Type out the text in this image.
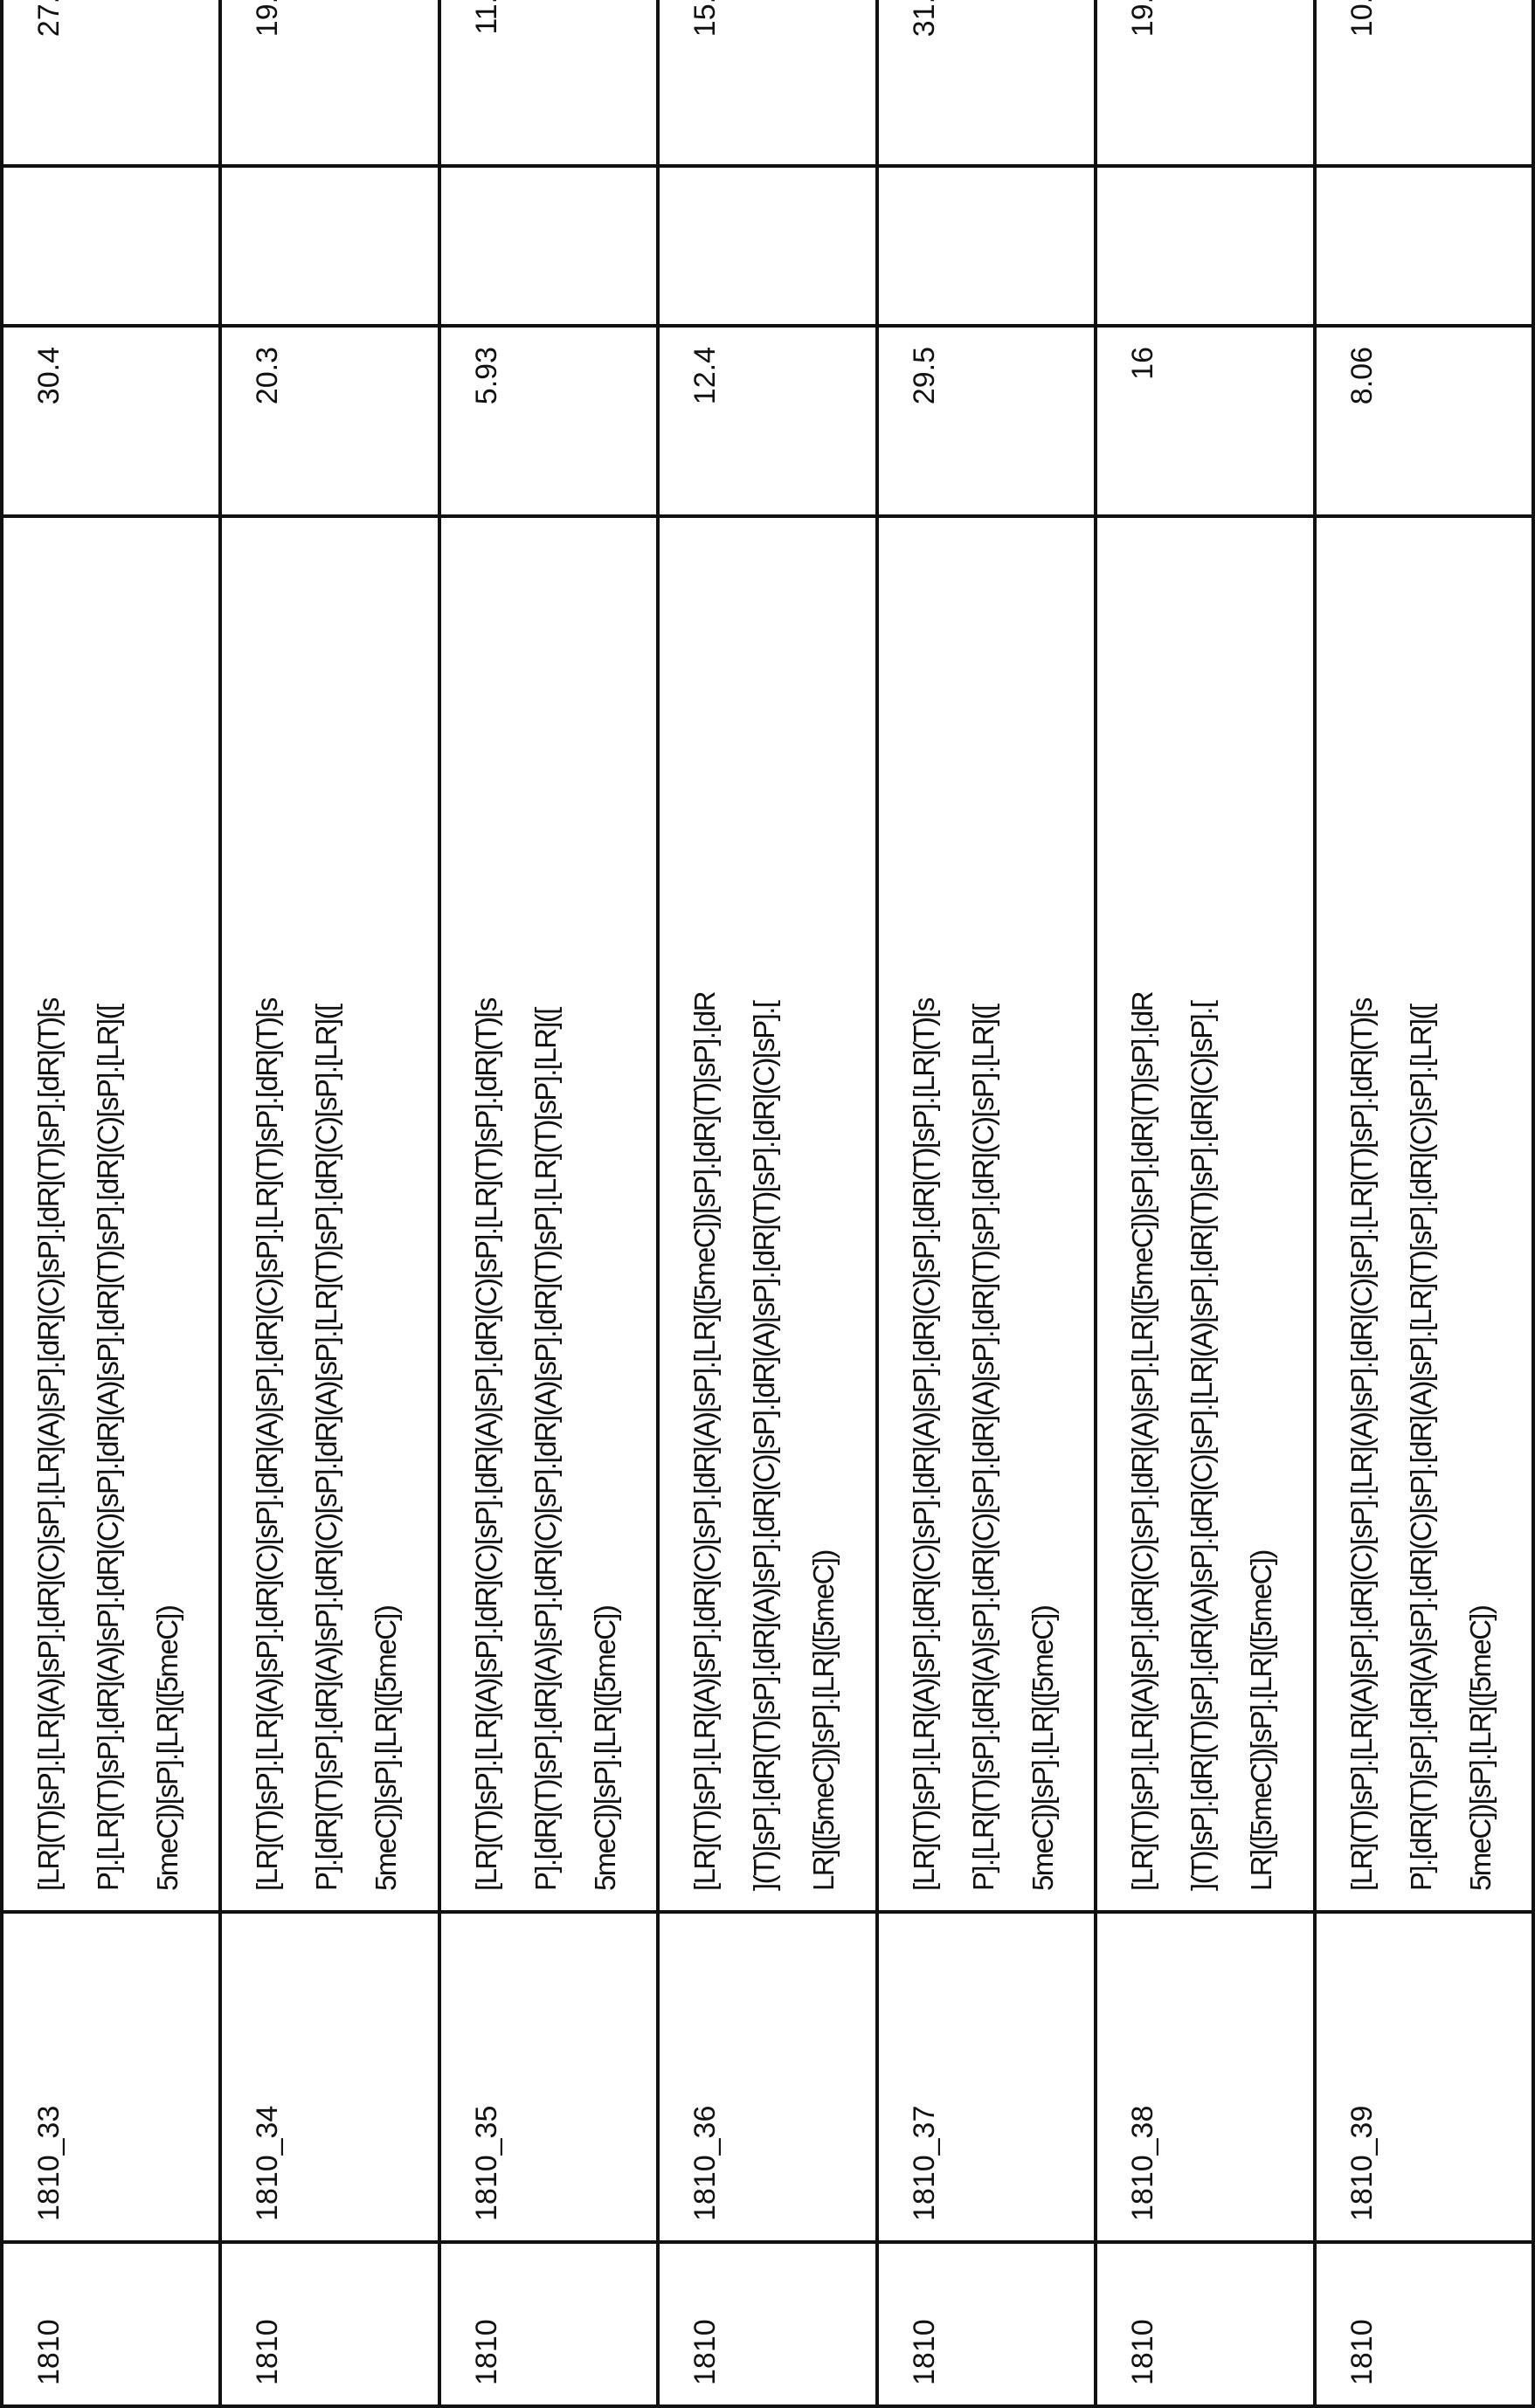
1810	1810_33	
[LR](T)[sP].[LR](A)[sP].[dR](C)[sP].[LR](A)[sP].[dR](C)[sP].[dR](T)[sP].[dR](T)[s P].[LR](T)[sP].[dR](A)[sP].[dR](C)[sP].[dR](A)[sP].[dR](T)[sP].[dR](C)[sP].[LR]([ 5meC])[sP].[LR]([5meC])
	30.4		27.8
1810	1810_34	
[LR](T)[sP].[LR](A)[sP].[dR](C)[sP].[dR](A)[sP].[dR](C)[sP].[LR](T)[sP].[dR](T)[s P].[dR](T)[sP].[dR](A)[sP].[dR](C)[sP].[dR](A)[sP].[LR](T)[sP].[dR](C)[sP].[LR]([ 5meC])[sP].[LR]([5meC])
	20.3		19.9
1810	1810_35	
[LR](T)[sP].[LR](A)[sP].[dR](C)[sP].[dR](A)[sP].[dR](C)[sP].[LR](T)[sP].[dR](T)[s P].[dR](T)[sP].[dR](A)[sP].[dR](C)[sP].[dR](A)[sP].[dR](T)[sP].[LR](T)[sP].[LR]([ 5meC])[sP].[LR]([5meC])
	5.93		11.1
1810	1810_36	
[LR](T)[sP].[LR](A)[sP].[dR](C)[sP].[dR](A)[sP].[LR]([5meC])[sP].[dR](T)[sP].[dR ](T)[sP].[dR](T)[sP].[dR](A)[sP].[dR](C)[sP].[dR](A)[sP].[dR](T)[sP].[dR](C)[sP].[ LR]([5meC])[sP].[LR]([5meC])
	12.4		15.1
1810	1810_37	
[LR](T)[sP].[LR](A)[sP].[dR](C)[sP].[dR](A)[sP].[dR](C)[sP].[dR](T)[sP].[LR](T)[s P].[LR](T)[sP].[dR](A)[sP].[dR](C)[sP].[dR](A)[sP].[dR](T)[sP].[dR](C)[sP].[LR]([ 5meC])[sP].[LR]([5meC])
	29.5		31.7
1810	1810_38	
[LR](T)[sP].[LR](A)[sP].[dR](C)[sP].[dR](A)[sP].[LR]([5meC])[sP].[dR](T)[sP].[dR ](T)[sP].[dR](T)[sP].[dR](A)[sP].[dR](C)[sP].[LR](A)[sP].[dR](T)[sP].[dR](C)[sP].[ LR]([5meC])[sP].[LR]([5meC])
	16		19.3
1810	1810_39	
[LR](T)[sP].[LR](A)[sP].[dR](C)[sP].[LR](A)[sP].[dR](C)[sP].[LR](T)[sP].[dR](T)[s P].[dR](T)[sP].[dR](A)[sP].[dR](C)[sP].[dR](A)[sP].[LR](T)[sP].[dR](C)[sP].[LR]([ 5meC])[sP].[LR]([5meC])
	8.06		10.2
